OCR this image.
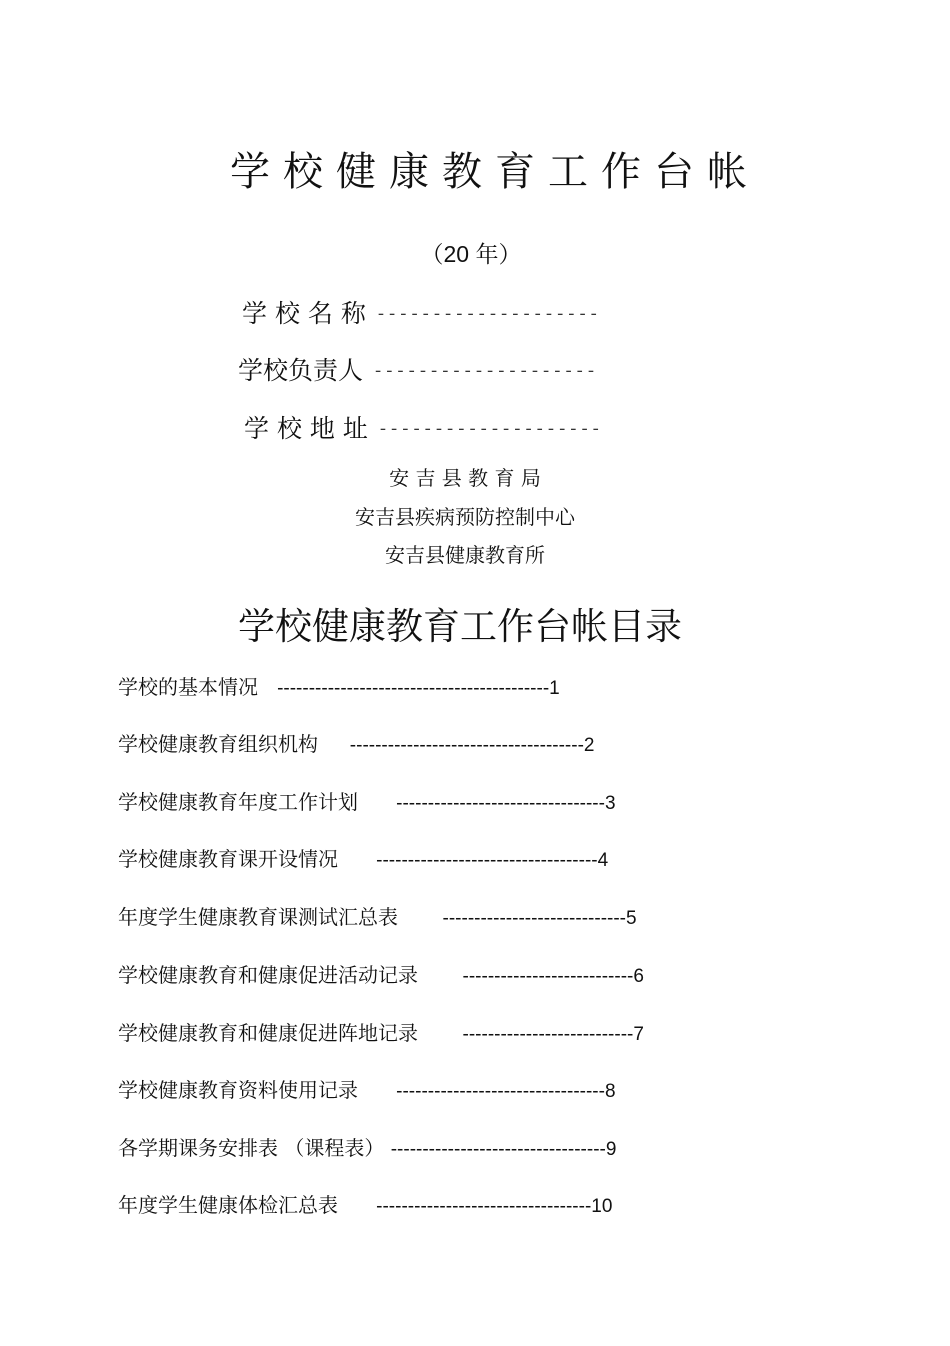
学校健康教育工作台帐
（20 年）
学 校 名 称 --------------------
学校负责人 --------------------
学 校 地 址 --------------------
安 吉 县 教 育 局
安吉县疾病预防控制中心
安吉县健康教育所
学校健康教育工作台帐目录
学校的基本情况 -------------------------------------------1
学校健康教育组织机构 -------------------------------------2
学校健康教育年度工作计划 ---------------------------------3
学校健康教育课开设情况 -----------------------------------4
年度学生健康教育课测试汇总表 -----------------------------5
学校健康教育和健康促进活动记录 ---------------------------6
学校健康教育和健康促进阵地记录 ---------------------------7
学校健康教育资料使用记录 ---------------------------------8
各学期课务安排表 （课程表） ----------------------------------9
年度学生健康体检汇总表 ----------------------------------10
